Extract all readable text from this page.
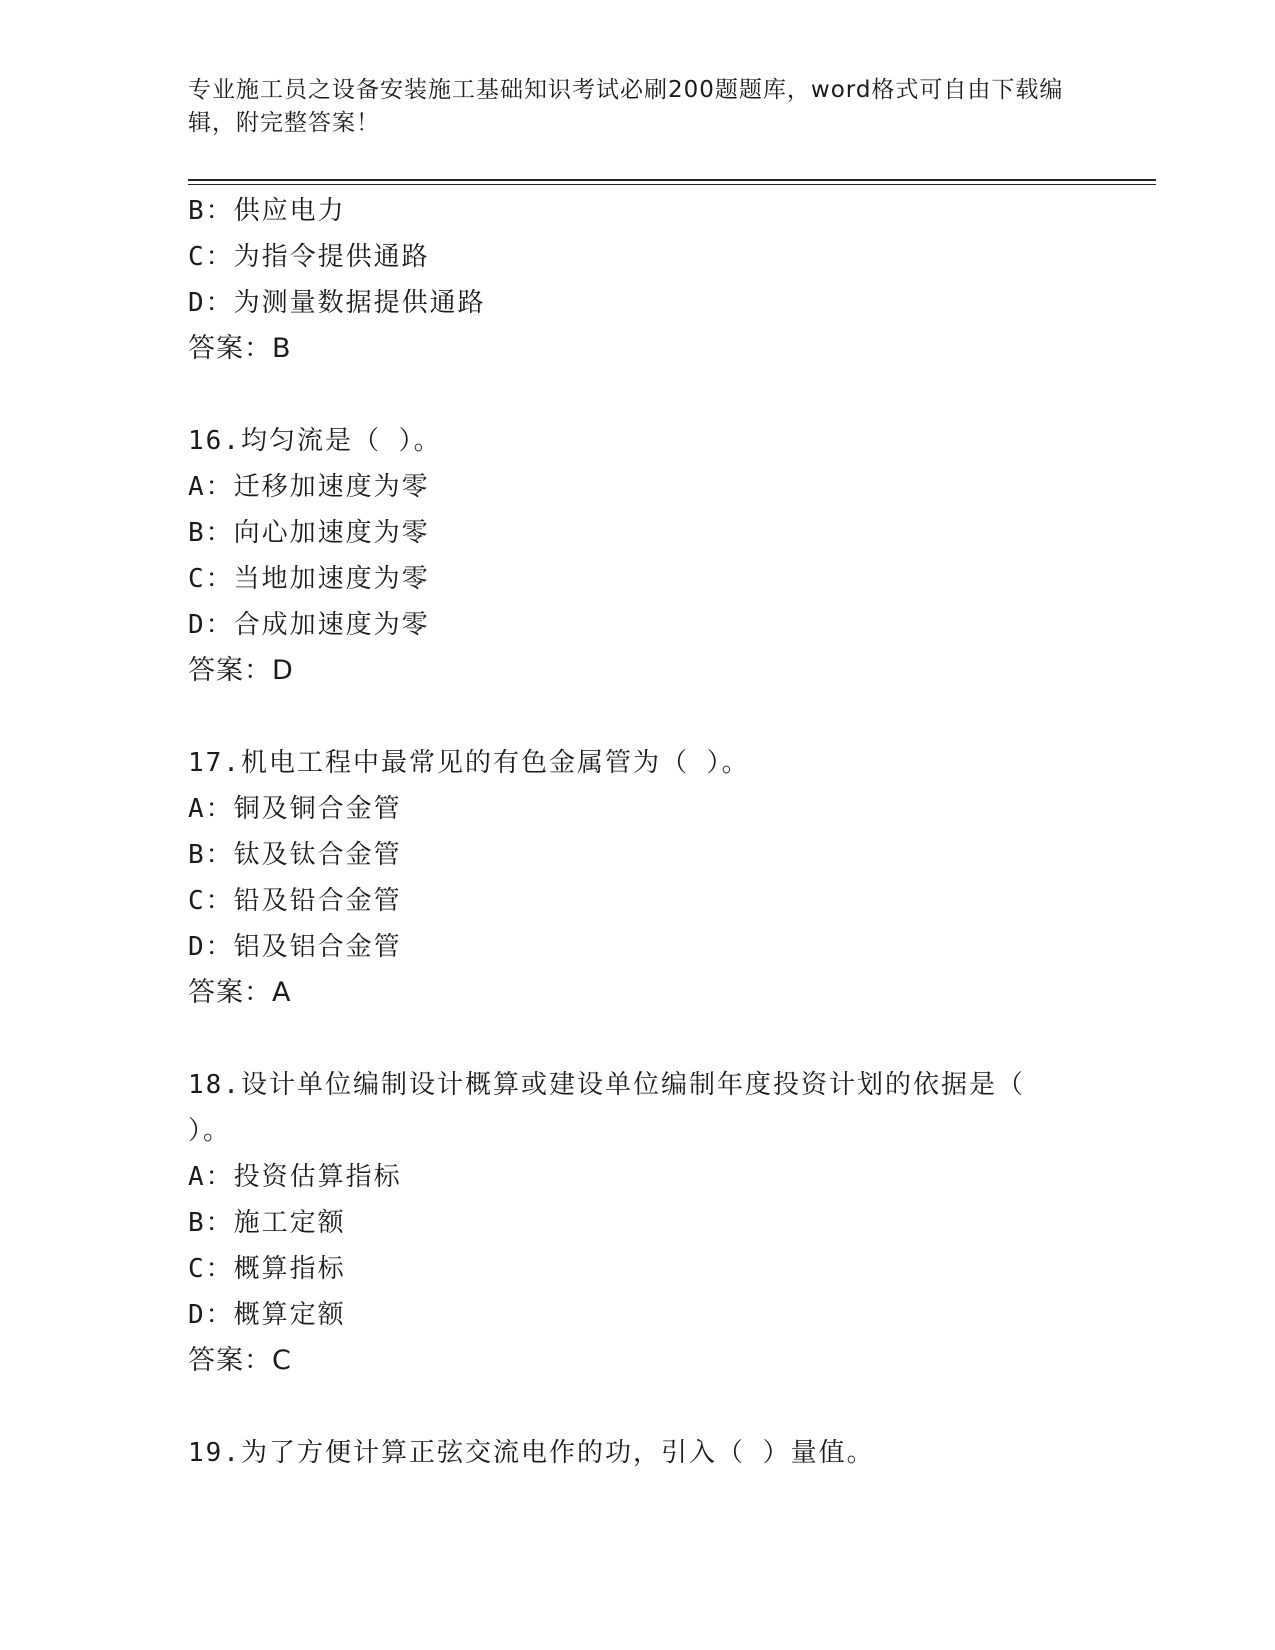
专业施工员之设备安装施工基础知识考试必刷200题题库，word格式可自由下载编辑，附完整答案！
B：供应电力
C：为指令提供通路
D：为测量数据提供通路
答案：B
16.均匀流是（ ）。
A：迁移加速度为零
B：向心加速度为零
C：当地加速度为零
D：合成加速度为零
答案：D
17.机电工程中最常见的有色金属管为（ ）。
A：铜及铜合金管
B：钛及钛合金管
C：铅及铅合金管
D：铝及铝合金管
答案：A
18.设计单位编制设计概算或建设单位编制年度投资计划的依据是（ ）。
A：投资估算指标
B：施工定额
C：概算指标
D：概算定额
答案：C
19.为了方便计算正弦交流电作的功，引入（ ）量值。
